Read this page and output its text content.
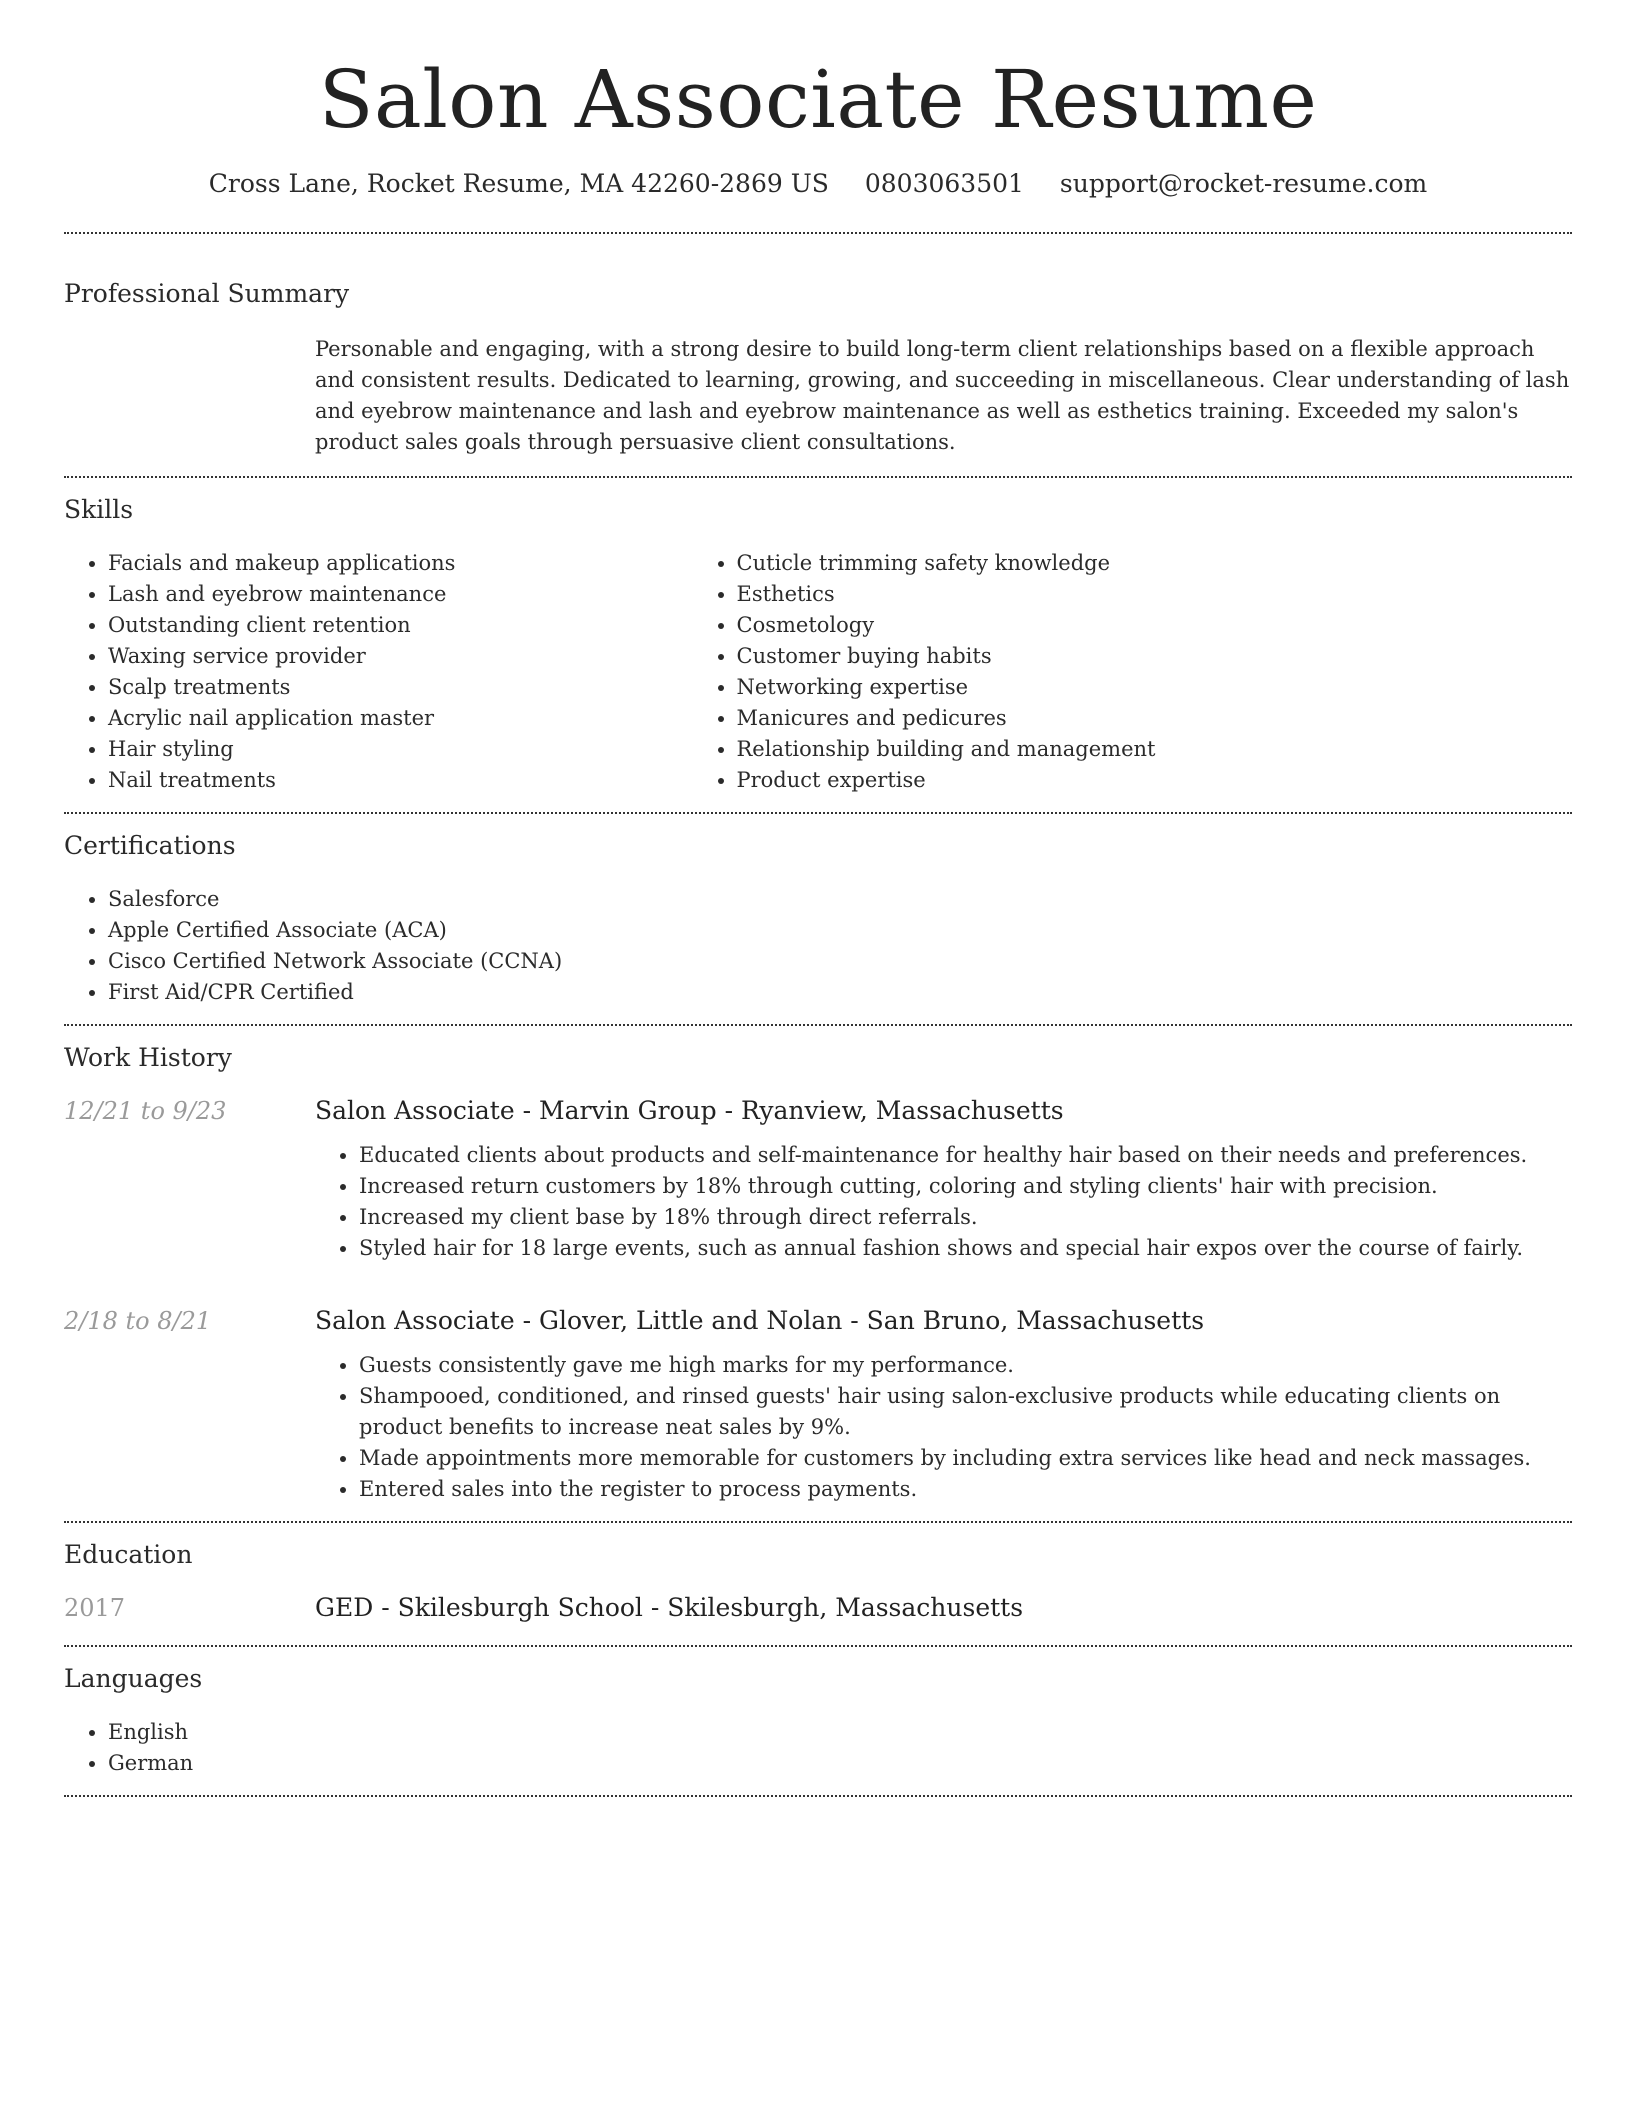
Salon Associate Resume
Cross Lane, Rocket Resume, MA 42260-2869 US 0803063501 support@rocket-resume.com
Professional Summary

Personable and engaging, with a strong desire to build long-term client relationships based on a flexible approach and consistent results. Dedicated to learning, growing, and succeeding in miscellaneous. Clear understanding of lash and eyebrow maintenance and lash and eyebrow maintenance as well as esthetics training. Exceeded my salon's product sales goals through persuasive client consultations.

Skills
• Facials and makeup applications
• Lash and eyebrow maintenance
• Outstanding client retention
• Waxing service provider
• Scalp treatments
• Acrylic nail application master
• Hair styling
• Nail treatments
• Cuticle trimming safety knowledge
• Esthetics
• Cosmetology
• Customer buying habits
• Networking expertise
• Manicures and pedicures
• Relationship building and management
• Product expertise
Certifications
• Salesforce
• Apple Certified Associate (ACA)
• Cisco Certified Network Associate (CCNA)
• First Aid/CPR Certified
Work History
12/21 to 9/23	Salon Associate - Marvin Group - Ryanview, Massachusetts
• Educated clients about products and self-maintenance for healthy hair based on their needs and preferences.
• Increased return customers by 18% through cutting, coloring and styling clients' hair with precision.
• Increased my client base by 18% through direct referrals.
• Styled hair for 18 large events, such as annual fashion shows and special hair expos over the course of fairly.
2/18 to 8/21	Salon Associate - Glover, Little and Nolan - San Bruno, Massachusetts
• Guests consistently gave me high marks for my performance.
• Shampooed, conditioned, and rinsed guests' hair using salon-exclusive products while educating clients on product benefits to increase neat sales by 9%.
• Made appointments more memorable for customers by including extra services like head and neck massages.
• Entered sales into the register to process payments.
Education
2017	GED - Skilesburgh School - Skilesburgh, Massachusetts
Languages
• English
• German
